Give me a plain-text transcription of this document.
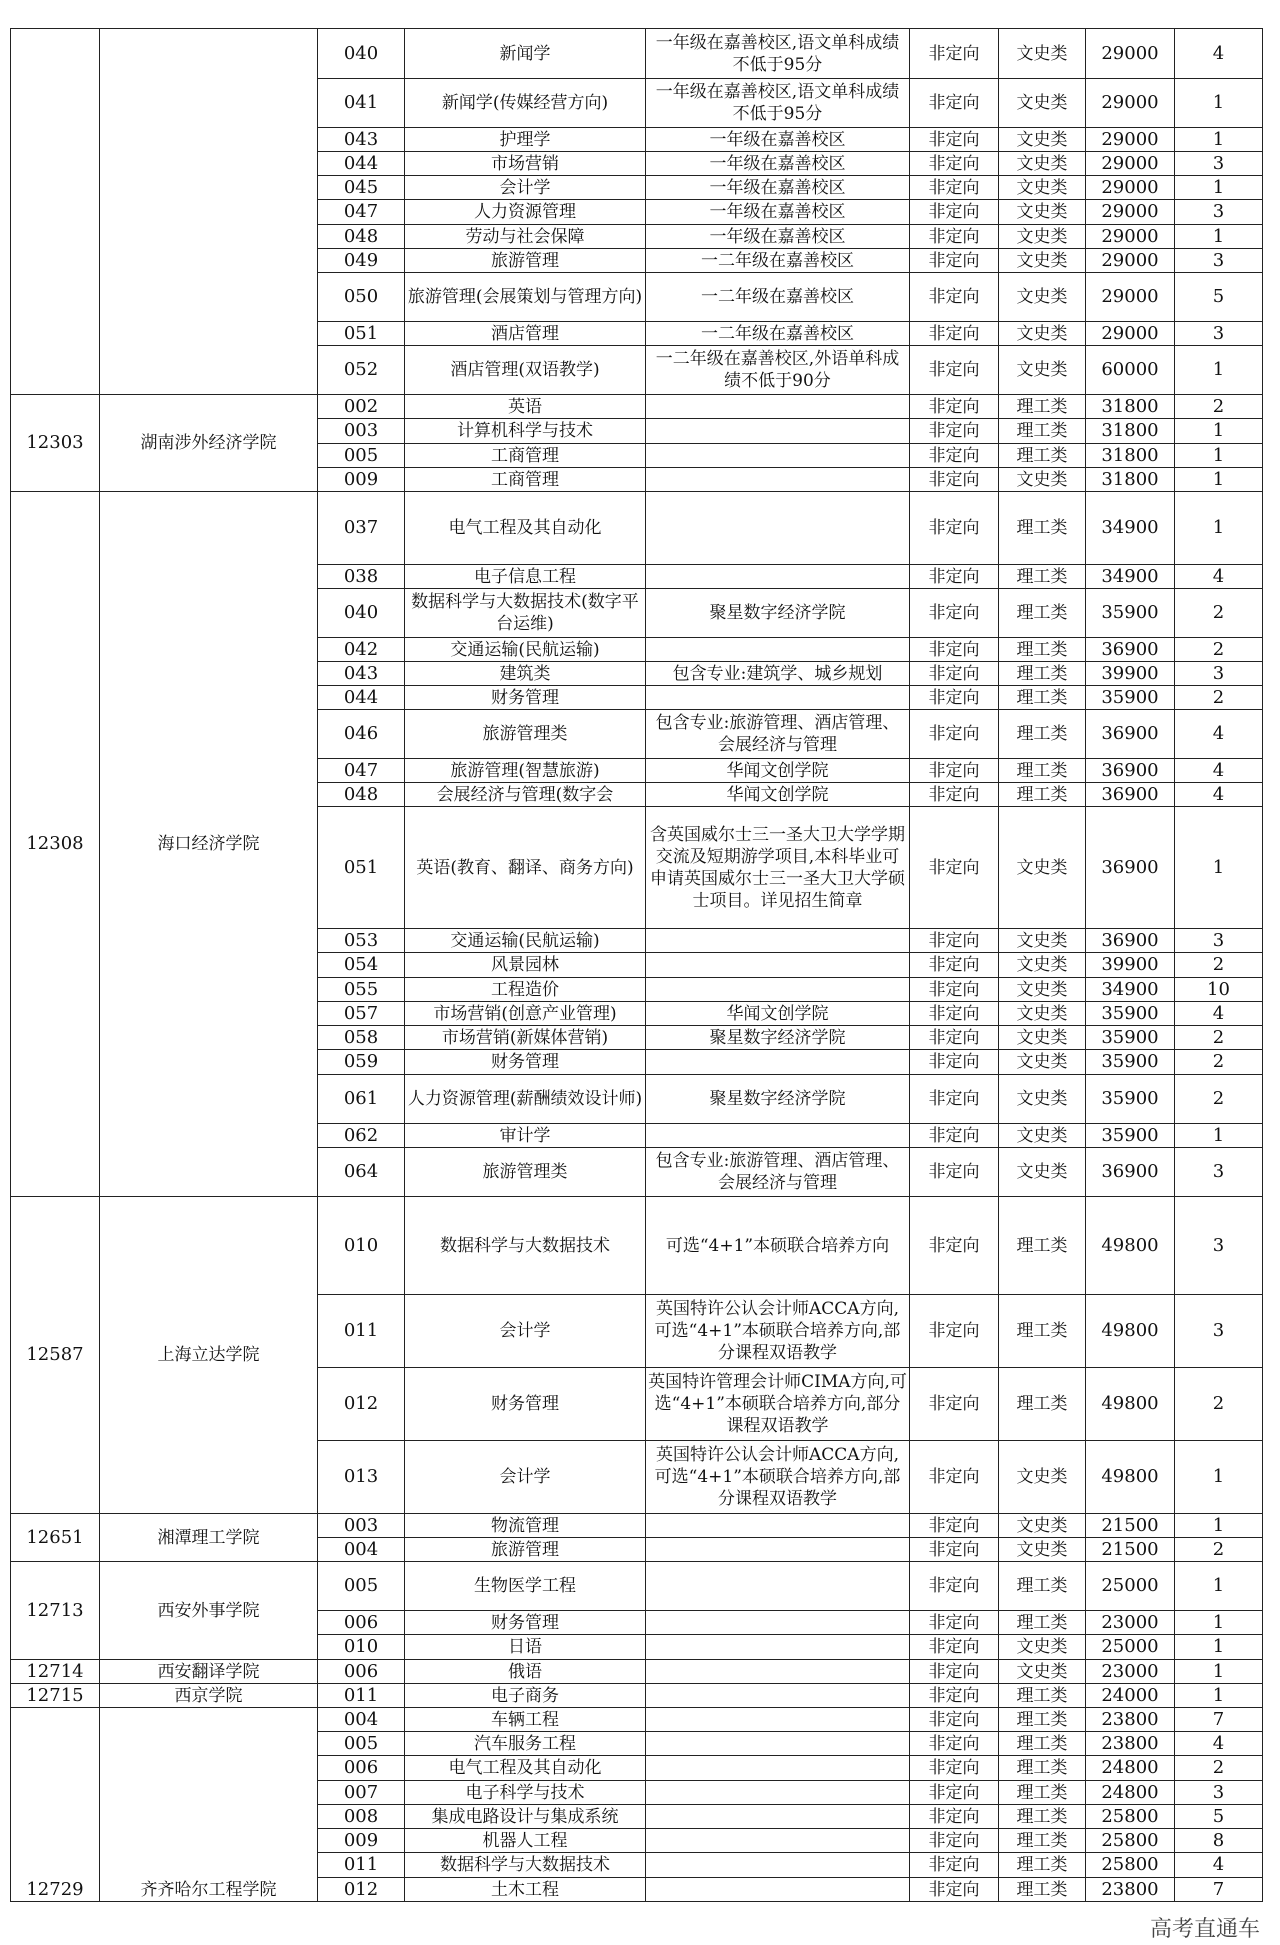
		040	新闻学	一年级在嘉善校区,语文单科成绩不低于95分	非定向	文史类	29000	4
		041	新闻学(传媒经营方向)	一年级在嘉善校区,语文单科成绩不低于95分	非定向	文史类	29000	1
		043	护理学	一年级在嘉善校区	非定向	文史类	29000	1
		044	市场营销	一年级在嘉善校区	非定向	文史类	29000	3
		045	会计学	一年级在嘉善校区	非定向	文史类	29000	1
		047	人力资源管理	一年级在嘉善校区	非定向	文史类	29000	3
		048	劳动与社会保障	一年级在嘉善校区	非定向	文史类	29000	1
		049	旅游管理	一二年级在嘉善校区	非定向	文史类	29000	3
		050	旅游管理(会展策划与管理方向)	一二年级在嘉善校区	非定向	文史类	29000	5
		051	酒店管理	一二年级在嘉善校区	非定向	文史类	29000	3
		052	酒店管理(双语教学)	一二年级在嘉善校区,外语单科成绩不低于90分	非定向	文史类	60000	1
12303	湖南涉外经济学院	002	英语		非定向	理工类	31800	2
		003	计算机科学与技术		非定向	理工类	31800	1
		005	工商管理		非定向	理工类	31800	1
		009	工商管理		非定向	文史类	31800	1
12308	海口经济学院	037	电气工程及其自动化		非定向	理工类	34900	1
		038	电子信息工程		非定向	理工类	34900	4
		040	数据科学与大数据技术(数字平台运维)	聚星数字经济学院	非定向	理工类	35900	2
		042	交通运输(民航运输)		非定向	理工类	36900	2
		043	建筑类	包含专业:建筑学、城乡规划	非定向	理工类	39900	3
		044	财务管理		非定向	理工类	35900	2
		046	旅游管理类	包含专业:旅游管理、酒店管理、会展经济与管理	非定向	理工类	36900	4
		047	旅游管理(智慧旅游)	华闻文创学院	非定向	理工类	36900	4
		048	会展经济与管理(数字会	华闻文创学院	非定向	理工类	36900	4
		051	英语(教育、翻译、商务方向)	含英国威尔士三一圣大卫大学学期交流及短期游学项目,本科毕业可申请英国威尔士三一圣大卫大学硕士项目。详见招生简章	非定向	文史类	36900	1
		053	交通运输(民航运输)		非定向	文史类	36900	3
		054	风景园林		非定向	文史类	39900	2
		055	工程造价		非定向	文史类	34900	10
		057	市场营销(创意产业管理)	华闻文创学院	非定向	文史类	35900	4
		058	市场营销(新媒体营销)	聚星数字经济学院	非定向	文史类	35900	2
		059	财务管理		非定向	文史类	35900	2
		061	人力资源管理(薪酬绩效设计师)	聚星数字经济学院	非定向	文史类	35900	2
		062	审计学		非定向	文史类	35900	1
		064	旅游管理类	包含专业:旅游管理、酒店管理、会展经济与管理	非定向	文史类	36900	3
12587	上海立达学院	010	数据科学与大数据技术	可选“4+1”本硕联合培养方向	非定向	理工类	49800	3
		011	会计学	英国特许公认会计师ACCA方向,可选“4+1”本硕联合培养方向,部分课程双语教学	非定向	理工类	49800	3
		012	财务管理	英国特许管理会计师CIMA方向,可选“4+1”本硕联合培养方向,部分课程双语教学	非定向	理工类	49800	2
		013	会计学	英国特许公认会计师ACCA方向,可选“4+1”本硕联合培养方向,部分课程双语教学	非定向	文史类	49800	1
12651	湘潭理工学院	003	物流管理		非定向	文史类	21500	1
		004	旅游管理		非定向	文史类	21500	2
12713	西安外事学院	005	生物医学工程		非定向	理工类	25000	1
		006	财务管理		非定向	理工类	23000	1
		010	日语		非定向	文史类	25000	1
12714	西安翻译学院	006	俄语		非定向	文史类	23000	1
12715	西京学院	011	电子商务		非定向	理工类	24000	1
12729	齐齐哈尔工程学院	004	车辆工程		非定向	理工类	23800	7
		005	汽车服务工程		非定向	理工类	23800	4
		006	电气工程及其自动化		非定向	理工类	24800	2
		007	电子科学与技术		非定向	理工类	24800	3
		008	集成电路设计与集成系统		非定向	理工类	25800	5
		009	机器人工程		非定向	理工类	25800	8
		011	数据科学与大数据技术		非定向	理工类	25800	4
		012	土木工程		非定向	理工类	23800	7
高考直通车
